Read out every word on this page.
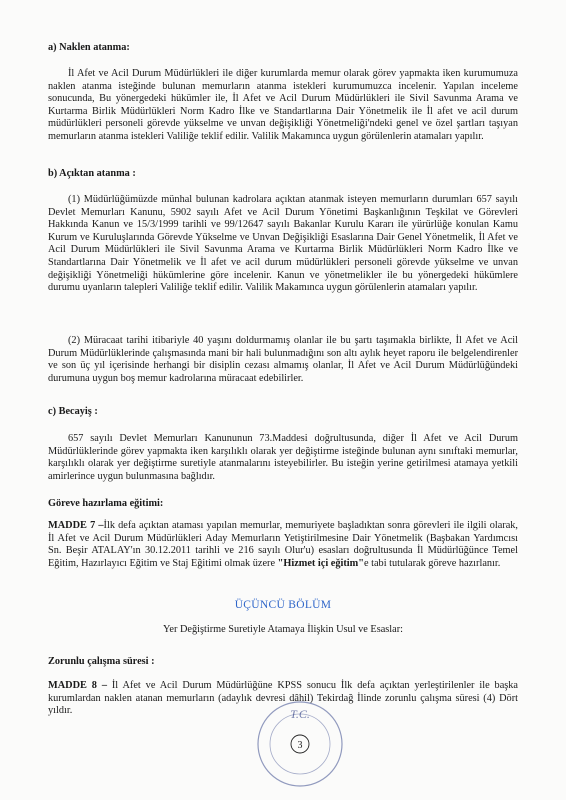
a) Naklen atanma:

İl Afet ve Acil Durum Müdürlükleri ile diğer kurumlarda memur olarak görev yapmakta iken kurumumuza naklen atanma isteğinde bulunan memurların atanma istekleri kurumumuzca incelenir. Yapılan inceleme sonucunda, Bu yönergedeki hükümler ile, İl Afet ve Acil Durum Müdürlükleri ile Sivil Savunma Arama ve Kurtarma Birlik Müdürlükleri Norm Kadro İlke ve Standartlarına Dair Yönetmelik ile İl afet ve acil durum müdürlükleri personeli görevde yükselme ve unvan değişikliği Yönetmeliği'ndeki genel ve özel şartları taşıyan memurların atanma istekleri Valiliğe teklif edilir. Valilik Makamınca uygun görülenlerin atamaları yapılır.

b) Açıktan atanma :

(1) Müdürlüğümüzde münhal bulunan kadrolara açıktan atanmak isteyen memurların durumları 657 sayılı Devlet Memurları Kanunu, 5902 sayılı Afet ve Acil Durum Yönetimi Başkanlığının Teşkilat ve Görevleri Hakkında Kanun ve 15/3/1999 tarihli ve 99/12647 sayılı Bakanlar Kurulu Kararı ile yürürlüğe konulan Kamu Kurum ve Kuruluşlarında Görevde Yükselme ve Unvan Değişikliği Esaslarına Dair Genel Yönetmelik, İl Afet ve Acil Durum Müdürlükleri ile Sivil Savunma Arama ve Kurtarma Birlik Müdürlükleri Norm Kadro İlke ve Standartlarına Dair Yönetmelik ve İl afet ve acil durum müdürlükleri personeli görevde yükselme ve unvan değişikliği Yönetmeliği hükümlerine göre incelenir. Kanun ve yönetmelikler ile bu yönergedeki hükümlere durumu uyanların talepleri Valiliğe teklif edilir. Valilik Makamınca uygun görülenlerin atamaları yapılır.

(2) Müracaat tarihi itibariyle 40 yaşını doldurmamış olanlar ile bu şartı taşımakla birlikte, İl Afet ve Acil Durum Müdürlüklerinde çalışmasında mani bir hali bulunmadığını son altı aylık heyet raporu ile belgelendirenler ve son üç yıl içerisinde herhangi bir disiplin cezası almamış olanlar, İl Afet ve Acil Durum Müdürlüğündeki durumuna uygun boş memur kadrolarına müracaat edebilirler.

c) Becayiş :

657 sayılı Devlet Memurları Kanununun 73.Maddesi doğrultusunda, diğer İl Afet ve Acil Durum Müdürlüklerinde görev yapmakta iken karşılıklı olarak yer değiştirme isteğinde bulunan aynı sınıftaki memurlar, karşılıklı olarak yer değiştirme suretiyle atanmalarını isteyebilirler. Bu isteğin yerine getirilmesi atamaya yetkili amirlerince uygun bulunmasına bağlıdır.

Göreve hazırlama eğitimi:

MADDE 7 –İlk defa açıktan ataması yapılan memurlar, memuriyete başladıktan sonra görevleri ile ilgili olarak, İl Afet ve Acil Durum Müdürlükleri Aday Memurların Yetiştirilmesine Dair Yönetmelik (Başbakan Yardımcısı Sn. Beşir ATALAY'ın 30.12.2011 tarihli ve 216 sayılı Olur'u) esasları doğrultusunda İl Müdürlüğünce Temel Eğitim, Hazırlayıcı Eğitim ve Staj Eğitimi olmak üzere "Hizmet içi eğitim"e tabi tutularak göreve hazırlanır.

ÜÇÜNCÜ BÖLÜM
Yer Değiştirme Suretiyle Atamaya İlişkin Usul ve Esaslar:

Zorunlu çalışma süresi :

MADDE 8 – İl Afet ve Acil Durum Müdürlüğüne KPSS sonucu İlk defa açıktan yerleştirilenler ile başka kurumlardan naklen atanan memurların (adaylık devresi dâhil) Tekirdağ İlinde zorunlu çalışma süresi (4) Dört yıldır.	T.C.
3
